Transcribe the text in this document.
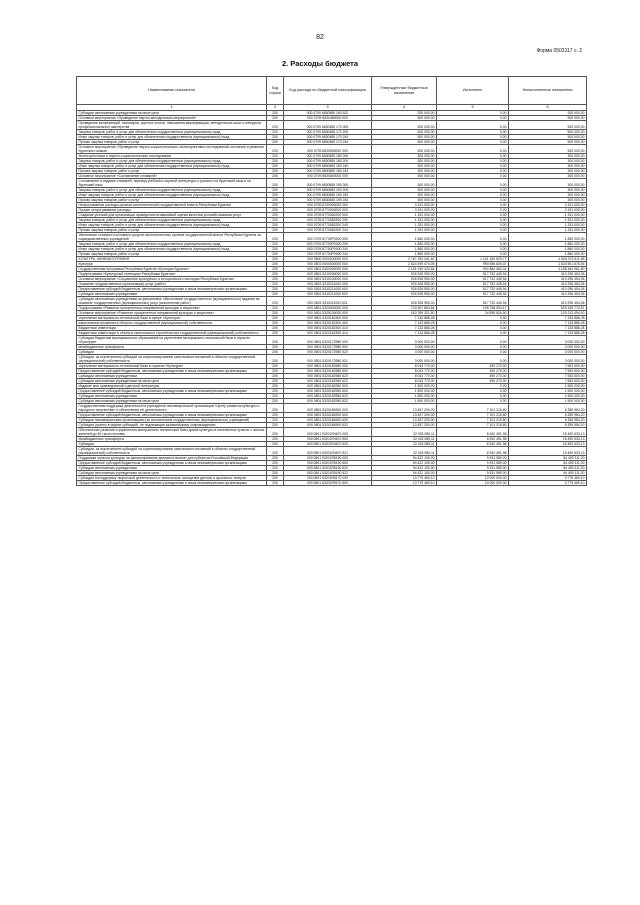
82
Форма 0503117 с. 2
2. Расходы бюджета
Наименование показателя	Код строки	Код расхода по бюджетной классификации	Утвержденные бюджетные назначения	Исполнено	Неисполненные назначения
1	2	3	4	5	6
Субсидии автономным учреждениям на иные цели	200	000 0709 6830586 163 622	200 000,00	0,00	200 000,00
Основное мероприятие «Проведение научно-методических мероприятий»	200	000 0709 6830480000 000	500 000,00	0,00	500 000,00
Проведение конференций, семинаров, круглых столов, повышения квалификации, методических школ и конкурсов профессионального мастерства	200	000 0709 6830485 170 000	500 000,00	0,00	500 000,00
Закупка товаров, работ и услуг для обеспечения государственных (муниципальных) нужд	200	000 0709 6830485 170 200	500 000,00	0,00	500 000,00
Иные закупки товаров, работ и услуг для обеспечения государственных (муниципальных) нужд	200	000 0709 6830485 170 240	500 000,00	0,00	500 000,00
Прочая закупка товаров, работ и услуг	200	000 0709 6830485 170 244	500 000,00	0,00	500 000,00
Основное мероприятие «Проведение научно-социологических, мониторинговых исследований состояния и развития бурятского языка»	200	000 0709 6830500000 000	500 000,00	0,00	500 000,00
Мониторинговые и научно-социологические исследования	200	000 0709 6830585 180 000	300 000,00	0,00	300 000,00
Закупка товаров, работ и услуг для обеспечения государственных (муниципальных) нужд	200	000 0709 6830585 180 200	300 000,00	0,00	300 000,00
Иные закупки товаров, работ и услуг для обеспечения государственных (муниципальных) нужд	200	000 0709 6830585 180 240	300 000,00	0,00	300 000,00
Прочая закупка товаров, работ и услуг	200	000 0709 6830585 180 244	300 000,00	0,00	300 000,00
Основное мероприятие «Составление словарей»	200	000 0709 6830600000 000	300 000,00	0,00	300 000,00
Составление и издание словарей, перевод учебной и научной литературы с русского на бурятский язык и на бурятский язык	200	000 0709 6830685 190 000	300 000,00	0,00	300 000,00
Закупка товаров, работ и услуг для обеспечения государственных (муниципальных) нужд	200	000 0709 6830685 190 200	300 000,00	0,00	300 000,00
Иные закупки товаров, работ и услуг для обеспечения государственных (муниципальных) нужд	200	000 0709 6830685 190 240	300 000,00	0,00	300 000,00
Прочая закупка товаров, работ и услуг	200	000 0709 6830685 190 244	300 000,00	0,00	300 000,00
Непрограммные расходы органов исполнительной государственной власти Республики Бурятия	200	000 0709 8700000000 000	3 191 000,00	0,00	3 191 000,00
Прочие непрограммные расходы	200	000 0709 8770000000 000	3 191 000,00	0,00	3 191 000,00
Создание условий для организации проведения независимой оценки качества условий оказания услуг	200	000 0709 8770082200 000	1 331 000,00	0,00	1 331 000,00
Закупка товаров, работ и услуг для обеспечения государственных (муниципальных) нужд	200	000 0709 8770082200 200	1 331 000,00	0,00	1 331 000,00
Иные закупки товаров, работ и услуг для обеспечения государственных (муниципальных) нужд	200	000 0709 8770082200 240	1 331 000,00	0,00	1 331 000,00
Прочая закупка товаров, работ и услуг	200	000 0709 8770082200 244	1 331 000,00	0,00	1 331 000,00
Увеличение стоимости основных средств исполнительных органов государственной власти Республики Бурятия за подведомственных учреждений	200	000 0709 87700P0000 000	1 860 000,00	0,00	1 860 000,00
Закупка товаров, работ и услуг для обеспечения государственных (муниципальных) нужд	200	000 0709 87700P0000 200	1 860 000,00	0,00	1 860 000,00
Иные закупки товаров, работ и услуг для обеспечения государственных (муниципальных) нужд	200	000 0709 87700P0000 240	1 860 000,00	0,00	1 860 000,00
Прочая закупка товаров, работ и услуг	200	000 0709 87700P0000 244	1 860 000,00	0,00	1 860 000,00
КУЛЬТУРА, КИНЕМАТОГРАФИЯ	200	000 0800 0000000000 000	2 767 294 441,82	1 241 160 829,77	1 526 073 611,85
Культура	200	000 0801 0000000000 000	2 624 499 473,05	990 596 605,07	1 633 901 878,56
Государственная программа Республики Бурятия «Культура Бурятии»	200	000 0801 5300000000 000	2 151 049 423,84	992 884 462,04	1 158 164 961,80
Подпрограмма «Культурный потенциал Республики Бурятия»	200	000 0801 5310000000 000	926 928 950,00	517 732 445,94	410 296 454,06
Основное мероприятие «Сохранение культурного и исторического наследия Республики Бурятия»	200	000 0801 5310100000 000	926 928 950,00	517 732 445,94	410 296 454,06
Оказание государственных (организация) услуг (работ)	200	000 0801 5310211000 000	926 928 950,00	517 732 445,94	410 296 454,06
Предоставление субсидий бюджетным, автономным учреждениям и иным некоммерческим организациям	200	000 0801 5310211000 600	926 928 950,00	517 732 445,94	410 296 454,06
Субсидии автономным учреждениям	200	000 0801 5310211000 620	926 928 950,00	517 732 445,94	410 296 454,06
Субсидии автономным учреждениям на финансовое обеспечение государственного (муниципального) задания на оказание государственных (муниципальных) услуг (выполнение работ)	200	000 0801 5310211000 621	926 928 950,00	517 732 445,94	410 296 454,06
Подпрограмма «Развитие приоритетных направлений культуры и искусства»	200	000 0801 5320000000 000	724 907 864,84	195 748 094,17	529 159 770,67
Основное мероприятие «Развитие приоритетных направлений культуры и искусства»	200	000 0801 5320100000 000	163 769 321,50	34 555 826,50	129 213 494,00
Укрепление материально-технической базы в сфере «Культура»	200	000 0801 5320182300 000	7 133 886,28	0,00	7 133 886,28
Капитальные вложения в объекты государственной (муниципальной) собственности	200	000 0801 5320182300 400	7 133 886,28	0,00	7 133 886,28
Бюджетные инвестиции	200	000 0801 5320182300 410	7 133 886,28	0,00	7 133 886,28
Бюджетные инвестиции в объекты капитального строительства государственной (муниципальной) собственности	200	000 0801 5320182300 414	7 133 886,28	0,00	7 133 886,28
Субсидии бюджетам муниципальных образований на укрепление материально-технической базы в отрасли «Культура»	200	000 0801 5320172980 000	3 000 000,00	0,00	3 000 000,00
Межбюджетные трансферты	200	000 0801 5320172980 500	3 000 000,00	0,00	3 000 000,00
Субсидии	200	000 0801 5320172980 520	3 000 000,00	0,00	3 000 000,00
Субсидии, за исключением субсидий на софинансирование капитальных вложений в объекты государственной (муниципальной) собственности	200	000 0801 5320172980 521	3 000 000,00	0,00	3 000 000,00
Укрепление материально-технической базы в отрасли «Культура»	200	000 0801 5320182980 000	8 043 770,00	490 270,00	7 553 500,00
Предоставление субсидий бюджетным, автономным учреждениям и иным некоммерческим организациям	200	000 0801 5320182980 600	8 043 770,00	490 270,00	7 553 500,00
Субсидии автономным учреждениям	200	000 0801 5320182980 620	8 043 770,00	490 270,00	7 553 500,00
Субсидии автономным учреждениям на иные цели	200	000 0801 5320182980 622	8 043 770,00	490 270,00	7 553 500,00
Издание книг краеведческой и детской литературы	200	000 0801 5320182950 000	1 500 000,00	0,00	1 500 000,00
Предоставление субсидий бюджетным, автономным учреждениям и иным некоммерческим организациям	200	000 0801 5320182950 600	1 500 000,00	0,00	1 500 000,00
Субсидии автономным учреждениям	200	000 0801 5320182950 620	1 500 000,00	0,00	1 500 000,00
Субсидии автономным учреждениям на иные цели	200	000 0801 5320182950 622	1 500 000,00	0,00	1 500 000,00
Государственная поддержка деятельности учреждения некоммерческой организации «Центр развития культуры и народного творчества» и обеспечение её деятельности	200	000 0801 5320184900 000	13 457 200,00	7 101 215,80	6 355 984,20
Предоставление субсидий бюджетным, автономным учреждениям и иным некоммерческим организациям	200	000 0801 5320184900 600	13 457 200,00	7 101 215,80	6 355 984,20
Субсидии некоммерческим организациям (за исключением государственных (муниципальных) учреждений)	200	000 0801 5320184900 630	13 457 200,00	7 101 215,80	6 355 984,20
Субсидии (гранты в форме субсидий), не подлежащие казначейскому сопровождению	200	000 0801 5320184900 633	13 457 200,00	7 101 215,80	6 355 984,20
Обеспечение развития и укрепления материально-технической базы домов культуры в населенных пунктах с числом жителей до 50 тысяч человек	200	000 0801 53201R4670 000	22 433 085,11	6 942 451,98	15 490 633,13
Межбюджетные трансферты	200	000 0801 53201R4670 500	22 433 085,11	6 942 451,98	15 490 633,13
Субсидии	200	000 0801 53201R4670 520	22 433 085,11	6 942 451,98	15 490 633,13
Субсидии, за исключением субсидий на софинансирование капитальных вложений в объекты государственной (муниципальной) собственности	200	000 0801 53201R4670 521	22 433 085,11	6 942 451,98	15 490 633,13
Поддержка отрасли культуры на финансирование денежных выплат для субъектов Российской Федерации	200	000 0801 53201R5190 000	94 422 100,00	9 931 989,00	84 490 111,00
Предоставление субсидий бюджетным, автономным учреждениям и иным некоммерческим организациям	200	000 0801 53201R5190 600	94 422 100,00	9 931 989,00	84 490 111,00
Субсидии автономным учреждениям	200	000 0801 53201R5190 620	94 422 100,00	9 931 989,00	84 490 111,00
Субсидии автономным учреждениям на иные цели	200	000 0801 53201R5190 622	94 422 100,00	9 931 989,00	84 490 111,00
Субсидия на поддержку творческой деятельности и техническое оснащение детских и кукольных театров	200	000 0801 53201R5170 000	13 779 469,10	10 000 000,00	3 779 469,10
Предоставление субсидий бюджетным, автономным учреждениям и иным некоммерческим организациям	200	000 0801 53201R5170 600	13 779 469,10	10 000 000,00	3 779 469,10
